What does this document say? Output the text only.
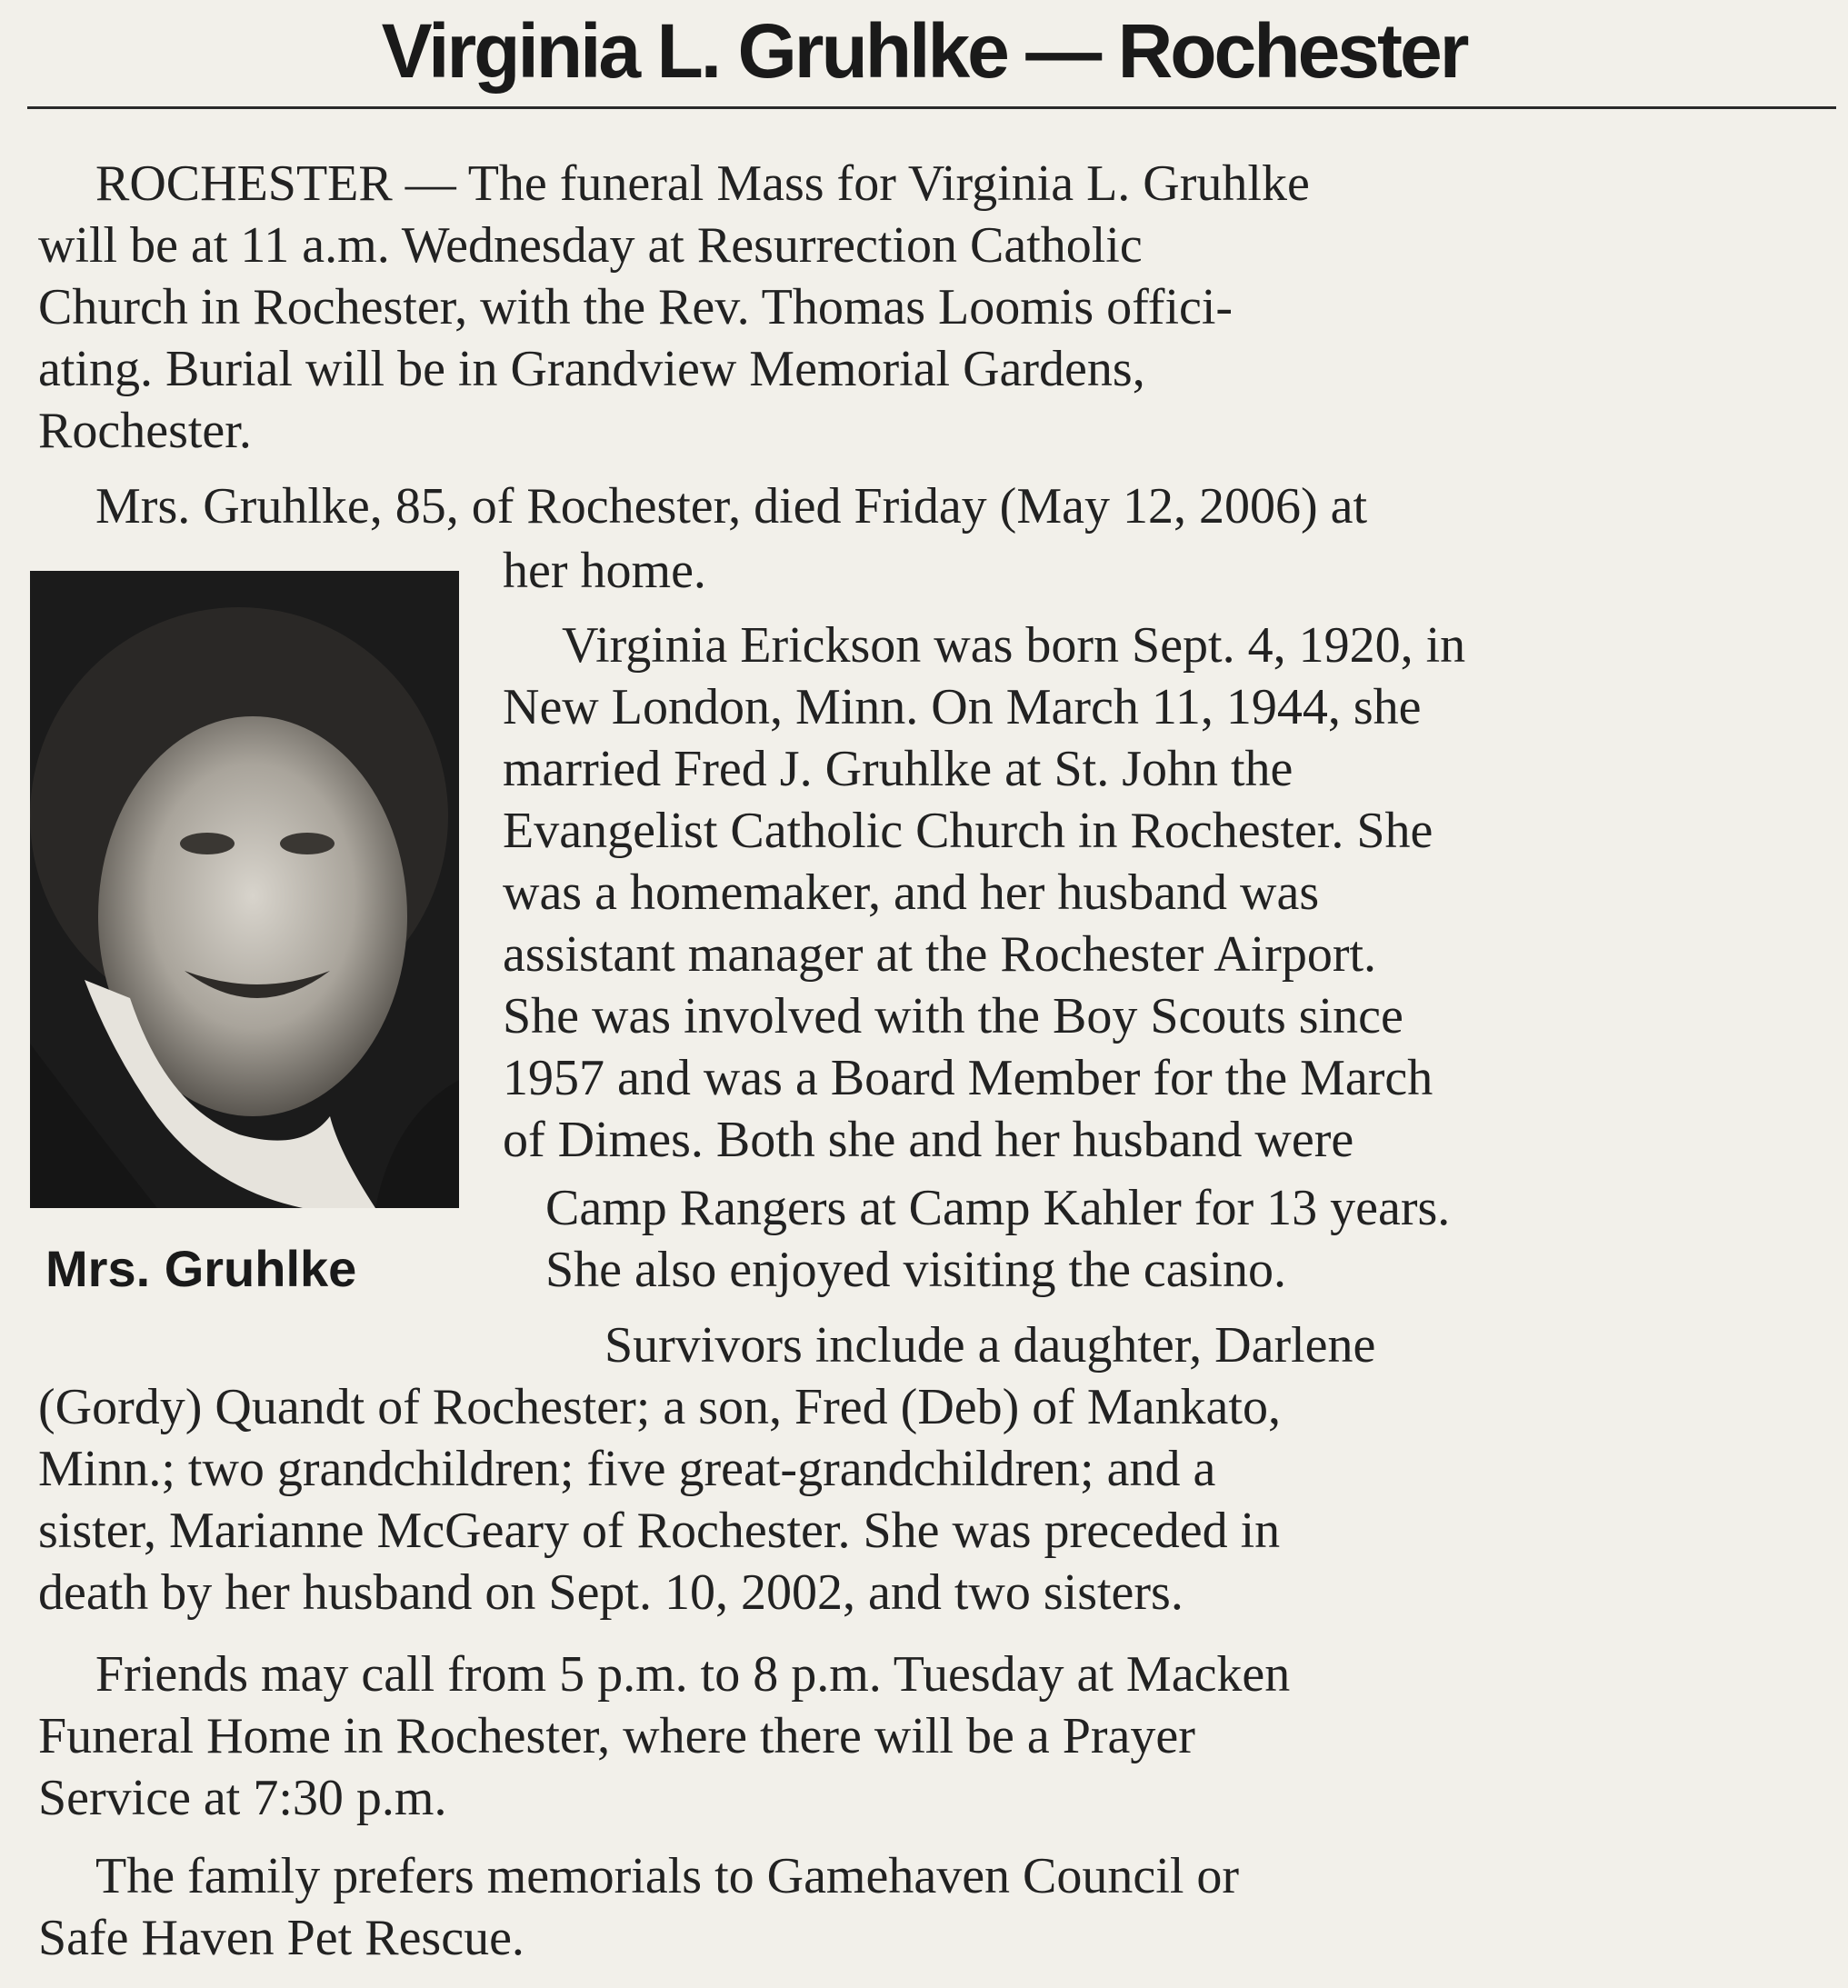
Virginia L. Gruhlke — Rochester
ROCHESTER — The funeral Mass for Virginia L. Gruhlke
will be at 11 a.m. Wednesday at Resurrection Catholic
Church in Rochester, with the Rev. Thomas Loomis offici-
ating. Burial will be in Grandview Memorial Gardens,
Rochester.
Mrs. Gruhlke, 85, of Rochester, died Friday (May 12, 2006) at
her home.
Mrs. Gruhlke
Virginia Erickson was born Sept. 4, 1920, in
New London, Minn. On March 11, 1944, she
married Fred J. Gruhlke at St. John the
Evangelist Catholic Church in Rochester. She
was a homemaker, and her husband was
assistant manager at the Rochester Airport.
She was involved with the Boy Scouts since
1957 and was a Board Member for the March
of Dimes. Both she and her husband were
Camp Rangers at Camp Kahler for 13 years.
She also enjoyed visiting the casino.
Survivors include a daughter, Darlene
(Gordy) Quandt of Rochester; a son, Fred (Deb) of Mankato,
Minn.; two grandchildren; five great-grandchildren; and a
sister, Marianne McGeary of Rochester. She was preceded in
death by her husband on Sept. 10, 2002, and two sisters.
Friends may call from 5 p.m. to 8 p.m. Tuesday at Macken
Funeral Home in Rochester, where there will be a Prayer
Service at 7:30 p.m.
The family prefers memorials to Gamehaven Council or
Safe Haven Pet Rescue.
